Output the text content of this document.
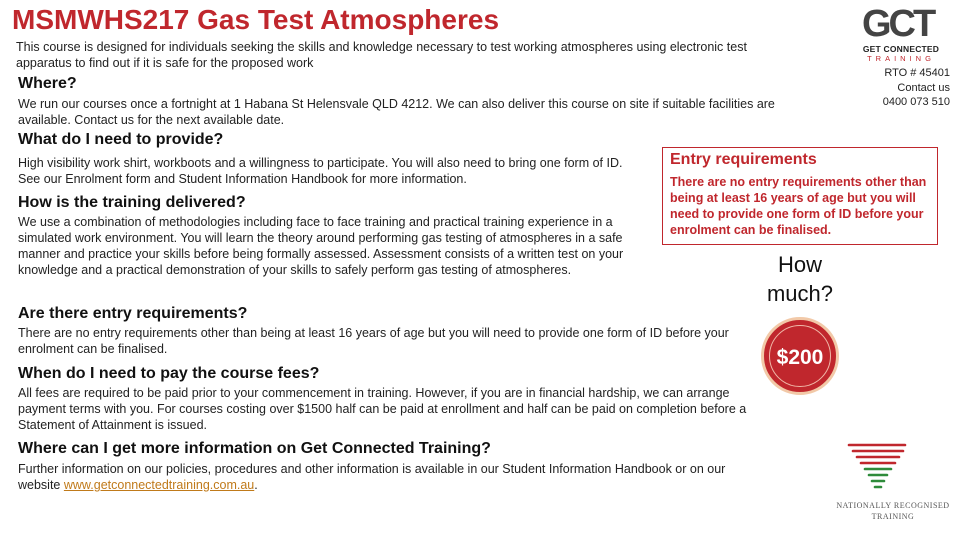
MSMWHS217 Gas Test Atmospheres
This course is designed for individuals seeking the skills and knowledge necessary to test working atmospheres using electronic test apparatus to find out if it is safe for the proposed work
GCT
GET CONNECTED
TRAINING
RTO # 45401
Contact us
0400 073 510
Where?
We run our courses once a fortnight at 1 Habana St Helensvale QLD 4212. We can also deliver this course on site if suitable facilities are available. Contact us for the next available date.
What do I need to provide?
High visibility work shirt, workboots and a willingness to participate. You will also need to bring one form of ID. See our Enrolment form and Student Information Handbook for more information.
How is the training delivered?
We use a combination of methodologies including face to face training and practical training experience in a simulated work environment. You will learn the theory around performing gas testing of atmospheres in a safe manner and practice your skills before being formally assessed. Assessment consists of a written test on your knowledge and a practical demonstration of your skills to safely perform gas testing of atmospheres.
Entry requirements
There are no entry requirements other than being at least 16 years of age but you will need to provide one form of ID before your enrolment can be finalised.
How much?
$200
Are there entry requirements?
There are no entry requirements other than being at least 16 years of age but you will need to provide one form of ID before your enrolment can be finalised.
When do I need to pay the course fees?
All fees are required to be paid prior to your commencement in training. However, if you are in financial hardship, we can arrange payment terms with you. For courses costing over $1500 half can be paid at enrollment and half can be paid on completion before a Statement of Attainment is issued.
Where can I get more information on Get Connected Training?
Further information on our policies, procedures and other information is available in our Student Information Handbook or on our website www.getconnectedtraining.com.au.
NATIONALLY RECOGNISED
TRAINING
